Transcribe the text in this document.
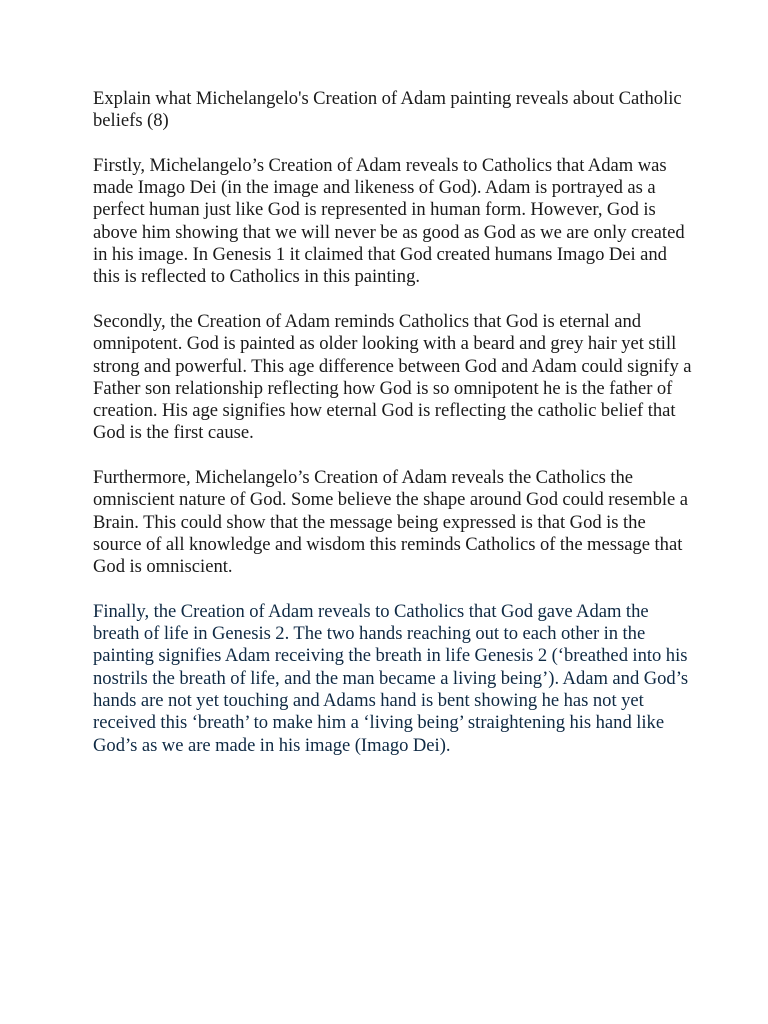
Explain what Michelangelo's Creation of Adam painting reveals about Catholic beliefs (8)

Firstly, Michelangelo’s Creation of Adam reveals to Catholics that Adam was made Imago Dei (in the image and likeness of God). Adam is portrayed as a perfect human just like God is represented in human form. However, God is above him showing that we will never be as good as God as we are only created in his image. In Genesis 1 it claimed that God created humans Imago Dei and this is reflected to Catholics in this painting.

Secondly, the Creation of Adam reminds Catholics that God is eternal and omnipotent. God is painted as older looking with a beard and grey hair yet still strong and powerful. This age difference between God and Adam could signify a Father son relationship reflecting how God is so omnipotent he is the father of creation. His age signifies how eternal God is reflecting the catholic belief that God is the first cause.

Furthermore, Michelangelo’s Creation of Adam reveals the Catholics the omniscient nature of God. Some believe the shape around God could resemble a Brain. This could show that the message being expressed is that God is the source of all knowledge and wisdom this reminds Catholics of the message that God is omniscient.

Finally, the Creation of Adam reveals to Catholics that God gave Adam the breath of life in Genesis 2. The two hands reaching out to each other in the painting signifies Adam receiving the breath in life Genesis 2 (‘breathed into his nostrils the breath of life, and the man became a living being’). Adam and God’s hands are not yet touching and Adams hand is bent showing he has not yet received this ‘breath’ to make him a ‘living being’ straightening his hand like God’s as we are made in his image (Imago Dei).
